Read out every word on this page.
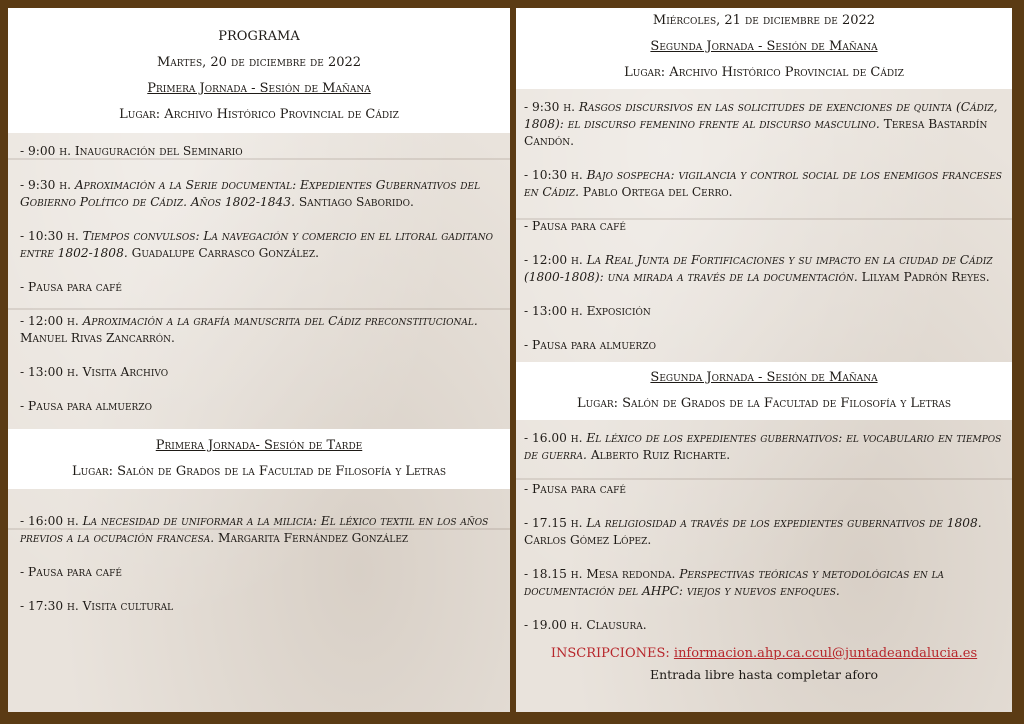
PROGRAMA
Martes, 20 de diciembre de 2022
Primera Jornada - Sesión de Mañana
Lugar: Archivo Histórico Provincial de Cádiz
- 9:00 h. Inauguración del Seminario
- 9:30 h. Aproximación a la Serie documental: Expedientes Gubernativos del Gobierno Político de Cádiz. Años 1802-1843. Santiago Saborido.
- 10:30 h. Tiempos convulsos: La navegación y comercio en el litoral gaditano entre 1802-1808. Guadalupe Carrasco González.
- Pausa para café
- 12:00 h. Aproximación a la grafía manuscrita del Cádiz preconstitucional. Manuel Rivas Zancarrón.
- 13:00 h. Visita Archivo
- Pausa para almuerzo
Primera Jornada- Sesión de Tarde
Lugar: Salón de Grados de la Facultad de Filosofía y Letras
- 16:00 h. La necesidad de uniformar a la milicia: El léxico textil en los años previos a la ocupación francesa. Margarita Fernández González
- Pausa para café
- 17:30 h. Visita cultural
Miércoles, 21 de diciembre de 2022
Segunda Jornada - Sesión de Mañana
Lugar: Archivo Histórico Provincial de Cádiz
- 9:30 h. Rasgos discursivos en las solicitudes de exenciones de quinta (Cádiz, 1808): el discurso femenino frente al discurso masculino. Teresa Bastardín Candón.
- 10:30 h. Bajo sospecha: vigilancia y control social de los enemigos franceses en Cádiz. Pablo Ortega del Cerro.
- Pausa para café
- 12:00 h. La Real Junta de Fortificaciones y su impacto en la ciudad de Cádiz (1800-1808): una mirada a través de la documentación. Lilyam Padrón Reyes.
- 13:00 h. Exposición
- Pausa para almuerzo
Segunda Jornada - Sesión de Mañana
Lugar: Salón de Grados de la Facultad de Filosofía y Letras
- 16.00 h. El léxico de los expedientes gubernativos: el vocabulario en tiempos de guerra. Alberto Ruiz Richarte.
- Pausa para café
- 17.15 h. La religiosidad a través de los expedientes gubernativos de 1808. Carlos Gómez López.
- 18.15 h. Mesa redonda. Perspectivas teóricas y metodológicas en la documentación del AHPC: viejos y nuevos enfoques.
- 19.00 h. Clausura.
INSCRIPCIONES: informacion.ahp.ca.ccul@juntadeandalucia.es
Entrada libre hasta completar aforo
